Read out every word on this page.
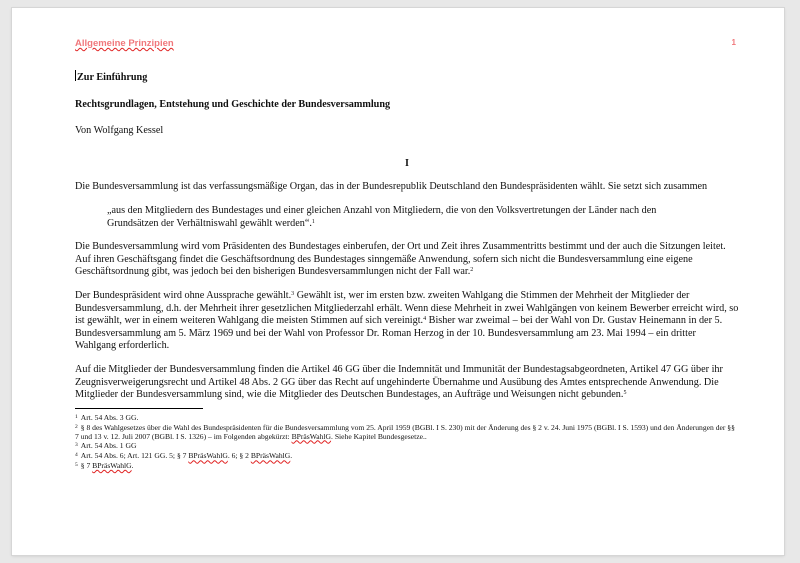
Allgemeine Prinzipien	1
Zur Einführung
Rechtsgrundlagen, Entstehung und Geschichte der Bundesversammlung
Von Wolfgang Kessel
I

Die Bundesversammlung ist das verfassungsmäßige Organ, das in der Bundesrepublik Deutschland den Bundespräsidenten wählt. Sie setzt sich zusammen

„aus den Mitgliedern des Bundestages und einer gleichen Anzahl von Mitgliedern, die von den Volksvertretungen der Länder nach den Grundsätzen der Verhältniswahl gewählt werden“.$^1$

Die Bundesversammlung wird vom Präsidenten des Bundestages einberufen, der Ort und Zeit ihres Zusammentritts bestimmt und der auch die Sitzungen leitet. Auf ihren Geschäftsgang findet die Geschäftsordnung des Bundestages sinngemäße Anwendung, sofern sich nicht die Bundesversammlung eine eigene Geschäftsordnung gibt, was jedoch bei den bisherigen Bundesversammlungen nicht der Fall war.$^2$

Der Bundespräsident wird ohne Aussprache gewählt.$^3$ Gewählt ist, wer im ersten bzw. zweiten Wahlgang die Stimmen der Mehrheit der Mitglieder der Bundesversammlung, d.h. der Mehrheit ihrer gesetzlichen Mitgliederzahl erhält. Wenn diese Mehrheit in zwei Wahlgängen von keinem Bewerber erreicht wird, so ist gewählt, wer in einem weiteren Wahlgang die meisten Stimmen auf sich vereinigt.$^4$ Bisher war zweimal – bei der Wahl von Dr. Gustav Heinemann in der 5. Bundesversammlung am 5. März 1969 und bei der Wahl von Professor Dr. Roman Herzog in der 10. Bundesversammlung am 23. Mai 1994 – ein dritter Wahlgang erforderlich.

Auf die Mitglieder der Bundesversammlung finden die Artikel 46 GG über die Indemnität und Immunität der Bundestagsabgeordneten, Artikel 47 GG über ihr Zeugnisverweigerungsrecht und Artikel 48 Abs. 2 GG über das Recht auf ungehinderte Übernahme und Ausübung des Amtes entsprechende Anwendung. Die Mitglieder der Bundesversammlung sind, wie die Mitglieder des Deutschen Bundestages, an Aufträge und Weisungen nicht gebunden.$^5$

$^1$ Art. 54 Abs. 3 GG.
$^2$ § 8 des Wahlgesetzes über die Wahl des Bundespräsidenten für die Bundesversammlung vom 25. April 1959 (BGBl. I S. 230) mit der Änderung des § 2 v. 24. Juni 1975 (BGBl. I S. 1593) und den Änderungen der §§ 7 und 13 v. 12. Juli 2007 (BGBl. I S. 1326) – im Folgenden abgekürzt: BPräsWahlG. Siehe Kapitel Bundesgesetze..
$^3$ Art. 54 Abs. 1 GG
$^4$ Art. 54 Abs. 6; Art. 121 GG. 5; § 7 BPräsWahlG. 6; § 2 BPräsWahlG.
$^5$ § 7 BPräsWahlG.
